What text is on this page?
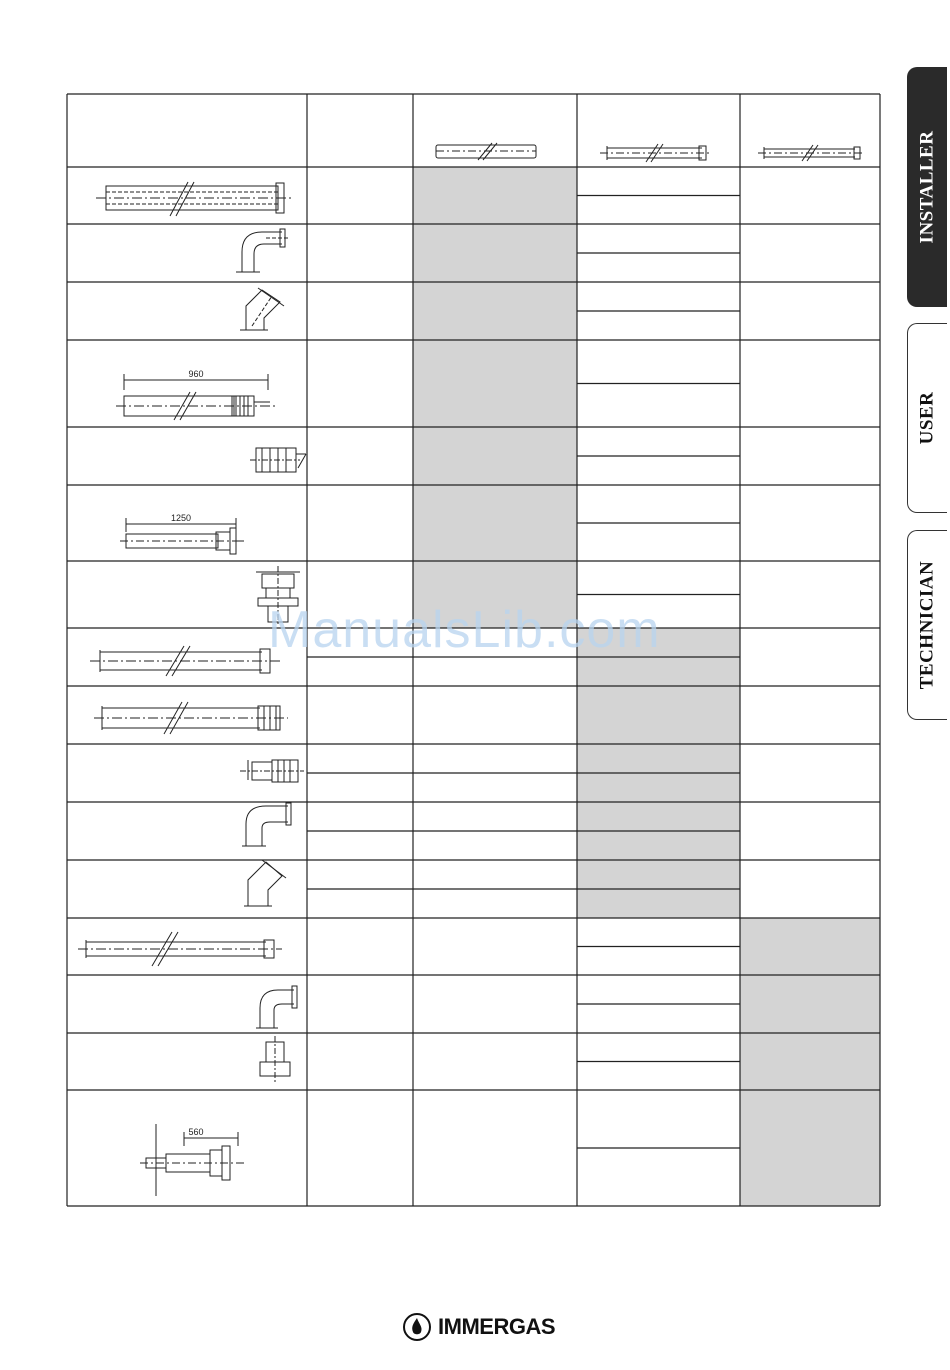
960
1250
560
ManualsLib.com
INSTALLER
USER
TECHNICIAN
IMMERGAS
